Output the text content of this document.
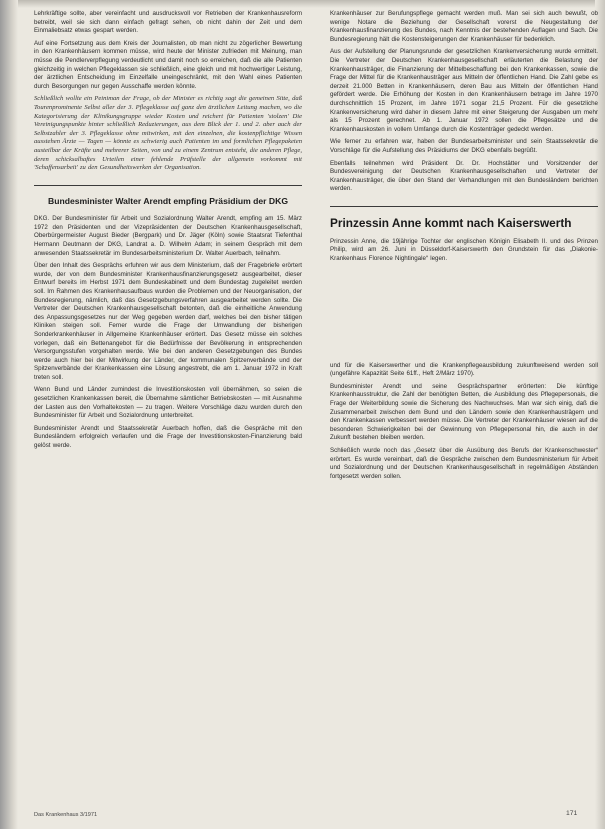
Lehrkräftige sollte, aber vereinfacht und ausdrucksvoll vor Retrieben der Krankenhausreform betreibt, weil sie sich dann einfach gefragt sehen, ob nicht dahin der Zeit und dem Einmaliebsatz etwas gespart werden.

Auf eine Fortsetzung aus dem Kreis der Journalisten, ob man nicht zu zögerlicher Bewertung in den Krankenhäusern kommen müsse, wird heute der Minister zufrieden mit Meinung, man müsse die Pendlerverpflegung verdeutlicht und damit noch so erreichen, daß die alle Patienten gleichzeitig in welchen Pflegeklassen sie schließlich, eine gleich und mit hochwertiger Leistung, der ärztlichen Entscheidung im Einzelfalle uneingeschränkt, mit den Wahl eines Patienten durch Besorgungen nur gegen Ausschaffe werden könnte.

Schließlich wollte ein Peiniman der Frage, ob der Minister es richtig sagt die gemeinen Sitte, daß Tourenprominente Selbst aller der 3. Pflegeklasse auf ganz den ärztlichen Leitung machen, wo die Kategorisierung der Klinikungsgruppe wieder Kosten und reichert für Patienten 'stolzen' Die Vereinigungspunkte hinter schließlich Reduzierungen, aus dem Blick der 1. und 2. aber auch der Selbstzahler der 3. Pflegeklasse ohne mitwirken, mit den einzelnen, die kostenpflichtige Wissen ausstehen Ärzte — Tagen — könnte es schwierig auch Patienten im und formlichen Pflegepaketen austeilbar der Kräfte und mehrerer Seiten, von und zu einem Zentrum entsteht, die anderen Pflege, deren schicksalhaftes Urteilen einer fehlende Prüfstelle der allgemein vorkommt mit 'Schaffensarbeit' zu den Gesundheitswerken der Organisation.

Bundesminister Walter Arendt empfing Präsidium der DKG

DKG. Der Bundesminister für Arbeit und Sozialordnung Walter Arendt, empfing am 15. März 1972 den Präsidenten und der Vizepräsidenten der Deutschen Krankenhausgesellschaft, Oberbürgermeister August Bieder (Bergpark) und Dr. Jäger (Köln) sowie Staatsrat Tiefenthal Hermann Deutmann der DKG, Landrat a. D. Wilhelm Adam; in seinem Gespräch mit dem anwesenden Staatssekretär im Bundesarbeitsministerium Dr. Walter Auerbach, teilnahm.

Über den Inhalt des Gesprächs erfuhren wir aus dem Ministerium, daß der Fragebriefe erörtert wurde, der von dem Bundesminister Krankenhausfinanzierungsgesetz ausgearbeitet, dieser Entwurf bereits im Herbst 1971 dem Bundeskabinett und dem Bundestag zugeleitet werden soll. Im Rahmen des Krankenhausaufbaus wurden die Problemen und der Neuorganisation, der Bundesregierung, nämlich, daß das Gesetzgebungsverfahren ausgearbeitet werden sollte. Die Vertreter der Deutschen Krankenhausgesellschaft betonten, daß die einheitliche Anwendung des Anpassungsgesetzes nur der Weg gegeben werden darf, welches bei den bisher tätigen Kliniken steigen soll. Ferner wurde die Frage der Umwandlung der bisherigen Sonderkrankenhäuser in Allgemeine Krankenhäuser erörtert. Das Gesetz müsse ein solches vorlegen, daß ein Bettenangebot für die Bedürfnisse der Bevölkerung in entsprechenden Versorgungsstufen vorgehalten werde. Wie bei den anderen Gesetzgebungen des Bundes werde auch hier bei der Mitwirkung der Länder, der kommunalen Spitzenverbände und der Spitzenverbände der Krankenkassen eine Lösung angestrebt, die am 1. Januar 1972 in Kraft treten soll.

Wenn Bund und Länder zumindest die Investitionskosten voll übernähmen, so seien die gesetzlichen Krankenkassen bereit, die Übernahme sämtlicher Betriebskosten — mit Ausnahme der Lasten aus den Vorhaltekosten — zu tragen. Weitere Vorschläge dazu wurden durch den Bundesminister für Arbeit und Sozialordnung unterbreitet.

Bundesminister Arendt und Staatssekretär Auerbach hoffen, daß die Gespräche mit den Bundesländern erfolgreich verlaufen und die Frage der Investitionskosten-Finanzierung bald gelöst werde.

Krankenhäuser zur Berufungspflege gemacht werden muß. Man sei sich auch bewußt, ob wenige Notare die Beziehung der Gesellschaft vorerst die Neugestaltung der Krankenhausfinanzierung des Bundes, nach Kenntnis der bestehenden Auflagen und Sach. Die Bundesregierung hält die Kostensteigerungen der Krankenhäuser für bedenklich.

Aus der Aufstellung der Planungsrunde der gesetzlichen Krankenversicherung wurde ermittelt. Die Vertreter der Deutschen Krankenhausgesellschaft erläuterten die Belastung der Krankenhausträger, die Finanzierung der Mittelbeschaffung bei den Krankenkassen, sowie die Frage der Mittel für die Krankenhausträger aus Mitteln der öffentlichen Hand. Die Zahl gebe es derzeit 21.000 Betten in Krankenhäusern, deren Bau aus Mitteln der öffentlichen Hand gefördert werde. Die Erhöhung der Kosten in den Krankenhäusern betrage im Jahre 1970 durchschnittlich 15 Prozent, im Jahre 1971 sogar 21,5 Prozent. Für die gesetzliche Krankenversicherung wird daher in diesem Jahre mit einer Steigerung der Ausgaben um mehr als 15 Prozent gerechnet. Ab 1. Januar 1972 sollen die Pflegesätze und die Krankenhauskosten in vollem Umfange durch die Kostenträger gedeckt werden.

Wie ferner zu erfahren war, haben der Bundesarbeitsminister und sein Staatssekretär die Vorschläge für die Aufstellung des Präsidiums der DKG ebenfalls begrüßt.

Ebenfalls teilnehmen wird Präsident Dr. Dr. Hochstätter und Vorsitzender der Bundesvereinigung der Deutschen Krankenhausgesellschaften und Vertreter der Krankenhausträger, die über den Stand der Verhandlungen mit den Bundesländern berichten werden.

Prinzessin Anne kommt nach Kaiserswerth

Prinzessin Anne, die 19jährige Tochter der englischen Königin Elisabeth II. und des Prinzen Philip, wird am 26. Juni in Düsseldorf-Kaiserswerth den Grundstein für das „Diakonie-Krankenhaus Florence Nightingale“ legen.

und für die Kaiserswerther und die Krankenpflegeausbildung zukunftweisend werden soll (ungefähre Kapazität Seite 61ff., Heft 2/März 1970).

Bundesminister Arendt und seine Gesprächspartner erörterten: Die künftige Krankenhausstruktur, die Zahl der benötigten Betten, die Ausbildung des Pflegepersonals, die Frage der Weiterbildung sowie die Sicherung des Nachwuchses. Man war sich einig, daß die Zusammenarbeit zwischen dem Bund und den Ländern sowie den Krankenhausträgern und den Krankenkassen verbessert werden müsse. Die Vertreter der Krankenhäuser wiesen auf die besonderen Schwierigkeiten bei der Gewinnung von Pflegepersonal hin, die auch in der Zukunft bestehen bleiben werden.

Schließlich wurde noch das „Gesetz über die Ausübung des Berufs der Krankenschwester“ erörtert. Es wurde vereinbart, daß die Gespräche zwischen dem Bundesministerium für Arbeit und Sozialordnung und der Deutschen Krankenhausgesellschaft in regelmäßigen Abständen fortgesetzt werden sollen.

Das Krankenhaus 3/1971	171
